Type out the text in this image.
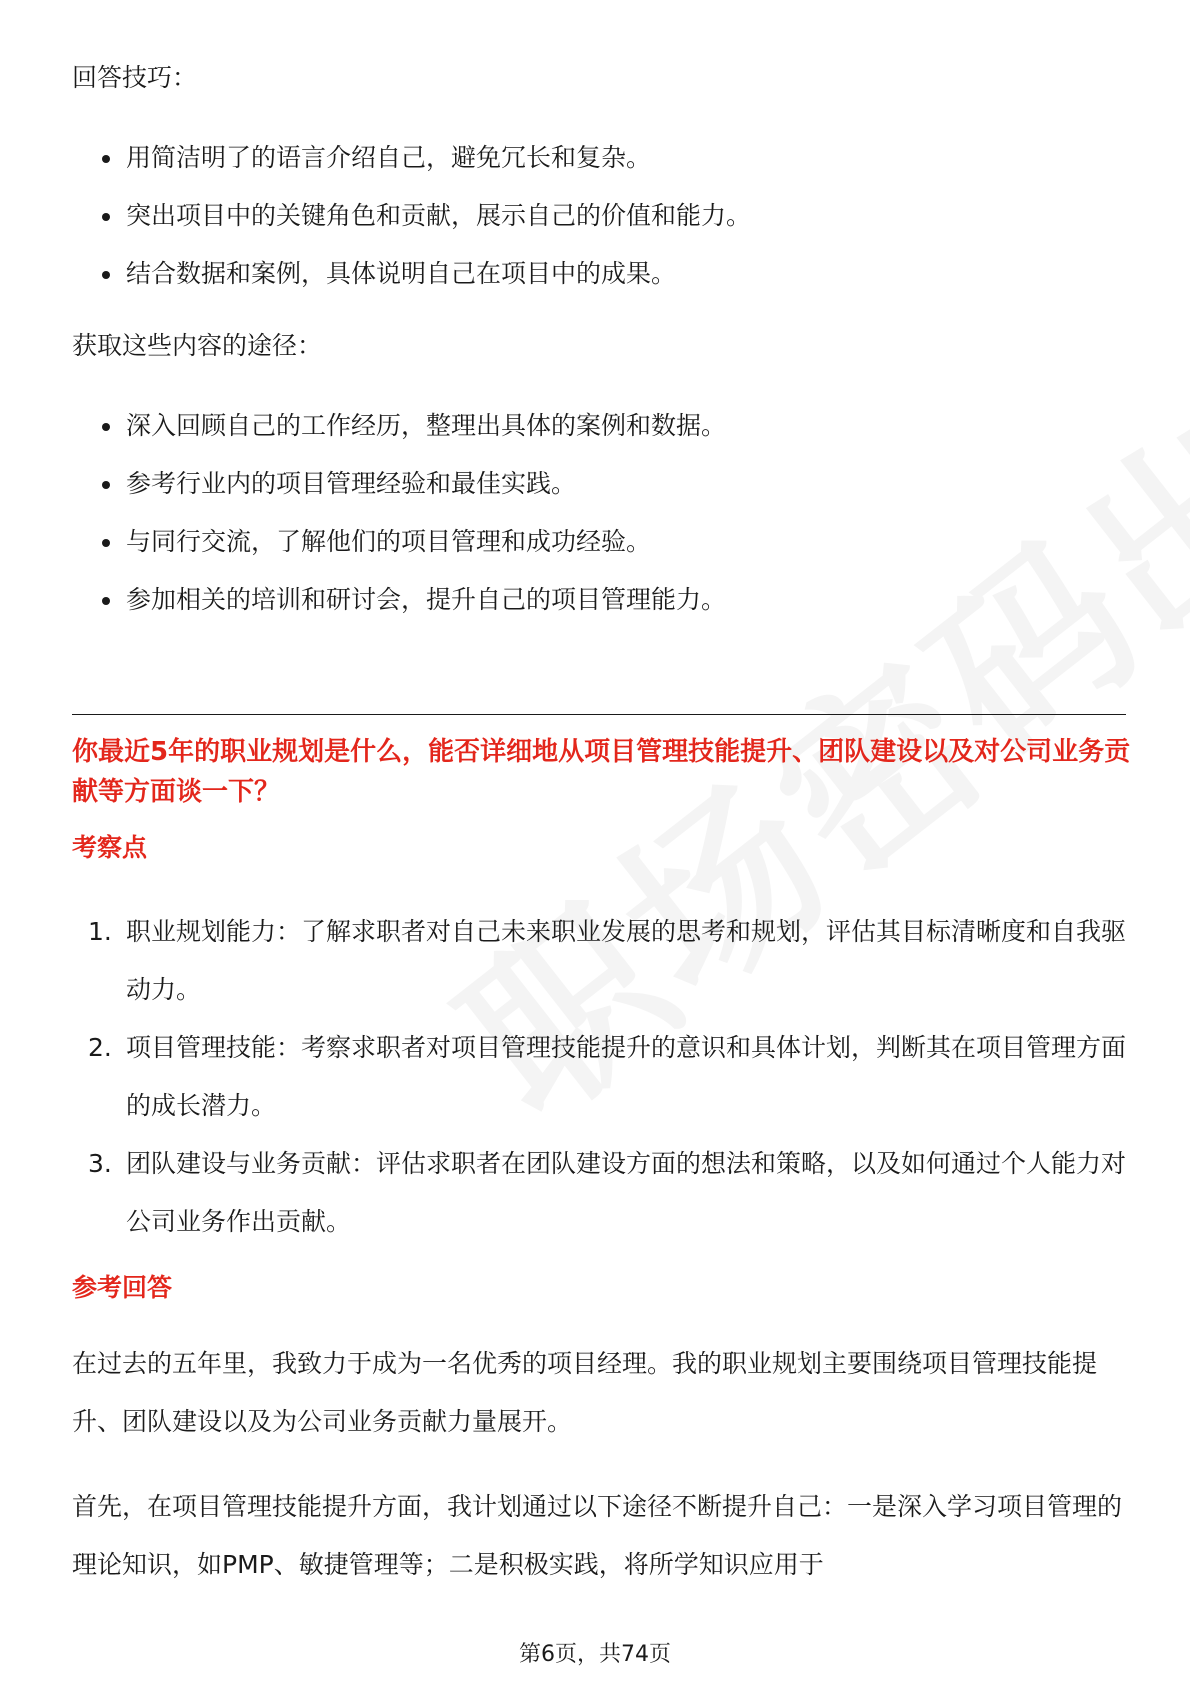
回答技巧：
用简洁明了的语言介绍自己，避免冗长和复杂。
突出项目中的关键角色和贡献，展示自己的价值和能力。
结合数据和案例，具体说明自己在项目中的成果。
获取这些内容的途径：
深入回顾自己的工作经历，整理出具体的案例和数据。
参考行业内的项目管理经验和最佳实践。
与同行交流，了解他们的项目管理和成功经验。
参加相关的培训和研讨会，提升自己的项目管理能力。
你最近5年的职业规划是什么，能否详细地从项目管理技能提升、团队建设以及对公司业务贡献等方面谈一下？
考察点
1. 职业规划能力：了解求职者对自己未来职业发展的思考和规划，评估其目标清晰度和自我驱动力。
2. 项目管理技能：考察求职者对项目管理技能提升的意识和具体计划，判断其在项目管理方面的成长潜力。
3. 团队建设与业务贡献：评估求职者在团队建设方面的想法和策略，以及如何通过个人能力对公司业务作出贡献。
参考回答
在过去的五年里，我致力于成为一名优秀的项目经理。我的职业规划主要围绕项目管理技能提升、团队建设以及为公司业务贡献力量展开。
首先，在项目管理技能提升方面，我计划通过以下途径不断提升自己：一是深入学习项目管理的理论知识，如PMP、敏捷管理等；二是积极实践，将所学知识应用于
第6页，共74页
